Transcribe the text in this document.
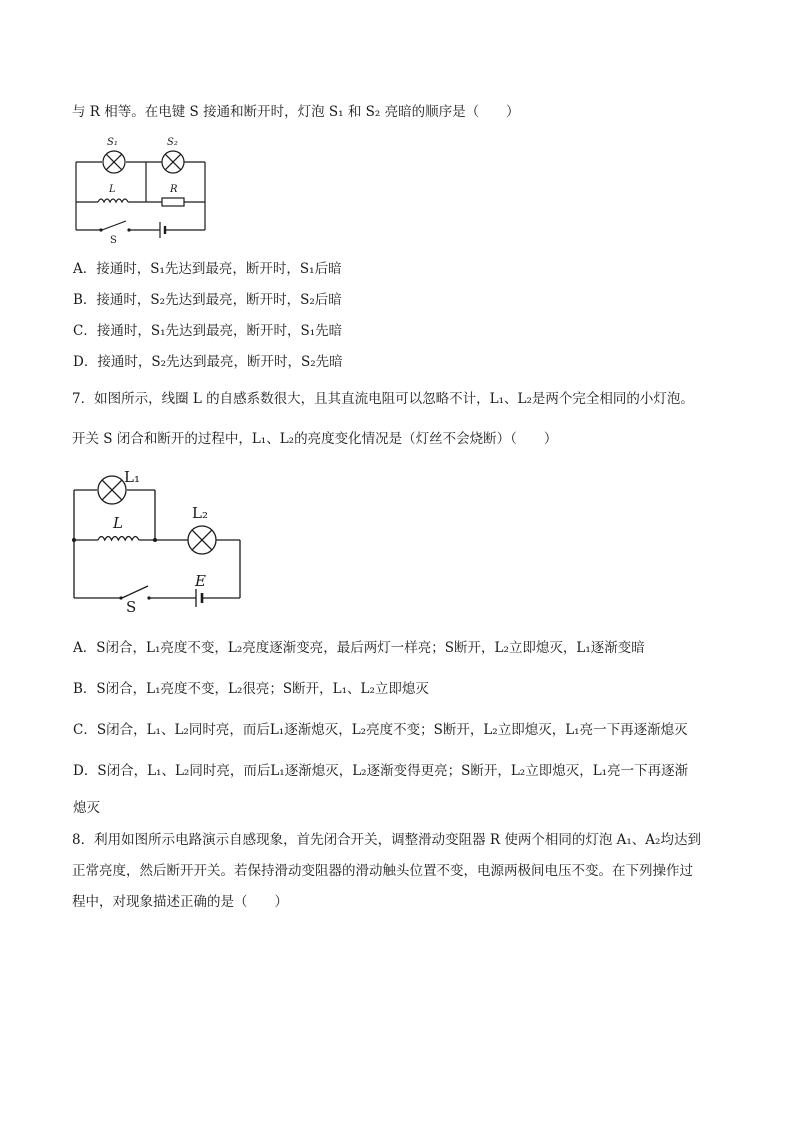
与 R 相等。在电键 S 接通和断开时，灯泡 S₁ 和 S₂ 亮暗的顺序是（　　）
S₁	S₂
L	R
S
A．接通时，S₁先达到最亮，断开时，S₁后暗
B．接通时，S₂先达到最亮，断开时，S₂后暗
C．接通时，S₁先达到最亮，断开时，S₁先暗
D．接通时，S₂先达到最亮，断开时，S₂先暗
7．如图所示，线圈 L 的自感系数很大，且其直流电阻可以忽略不计，L₁、L₂是两个完全相同的小灯泡。
开关 S 闭合和断开的过程中，L₁、L₂的亮度变化情况是（灯丝不会烧断）（　　）
L₁
L₂
L
E
S
A．S闭合，L₁亮度不变，L₂亮度逐渐变亮，最后两灯一样亮；S断开，L₂立即熄灭，L₁逐渐变暗
B．S闭合，L₁亮度不变，L₂很亮；S断开，L₁、L₂立即熄灭
C．S闭合，L₁、L₂同时亮，而后L₁逐渐熄灭，L₂亮度不变；S断开，L₂立即熄灭，L₁亮一下再逐渐熄灭
D．S闭合，L₁、L₂同时亮，而后L₁逐渐熄灭，L₂逐渐变得更亮；S断开，L₂立即熄灭，L₁亮一下再逐渐
熄灭
8．利用如图所示电路演示自感现象，首先闭合开关，调整滑动变阻器 R 使两个相同的灯泡 A₁、A₂均达到
正常亮度，然后断开开关。若保持滑动变阻器的滑动触头位置不变，电源两极间电压不变。在下列操作过
程中，对现象描述正确的是（　　）
